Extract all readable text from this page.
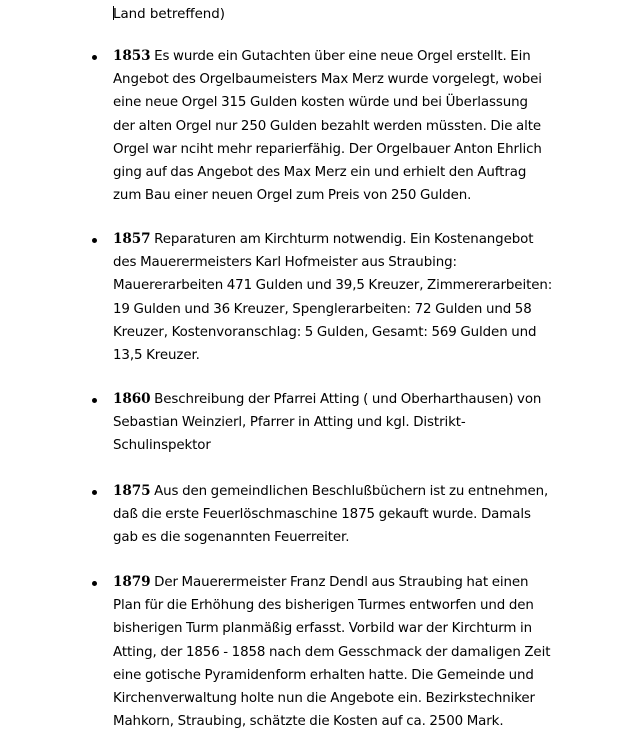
Land betreffend)
1853 Es wurde ein Gutachten über eine neue Orgel erstellt. Ein Angebot des Orgelbaumeisters Max Merz wurde vorgelegt, wobei eine neue Orgel 315 Gulden kosten würde und bei Überlassung der alten Orgel nur 250 Gulden bezahlt werden müssten. Die alte Orgel war nciht mehr reparierfähig. Der Orgelbauer Anton Ehrlich ging auf das Angebot des Max Merz ein und erhielt den Auftrag zum Bau einer neuen Orgel zum Preis von 250 Gulden.
1857 Reparaturen am Kirchturm notwendig. Ein Kostenangebot des Mauerermeisters Karl Hofmeister aus Straubing: Mauererarbeiten 471 Gulden und 39,5 Kreuzer, Zimmererarbeiten: 19 Gulden und 36 Kreuzer, Spenglerarbeiten: 72 Gulden und 58 Kreuzer, Kostenvoranschlag: 5 Gulden, Gesamt: 569 Gulden und 13,5 Kreuzer.
1860 Beschreibung der Pfarrei Atting ( und Oberharthausen) von Sebastian Weinzierl, Pfarrer in Atting und kgl. Distrikt-Schulinspektor
1875 Aus den gemeindlichen Beschlußbüchern ist zu entnehmen, daß die erste Feuerlöschmaschine 1875 gekauft wurde. Damals gab es die sogenannten Feuerreiter.
1879 Der Mauerermeister Franz Dendl aus Straubing hat einen Plan für die Erhöhung des bisherigen Turmes entworfen und den bisherigen Turm planmäßig erfasst. Vorbild war der Kirchturm in Atting, der 1856 - 1858 nach dem Gesschmack der damaligen Zeit eine gotische Pyramidenform erhalten hatte. Die Gemeinde und Kirchenverwaltung holte nun die Angebote ein. Bezirkstechniker Mahkorn, Straubing, schätzte die Kosten auf ca. 2500 Mark.
